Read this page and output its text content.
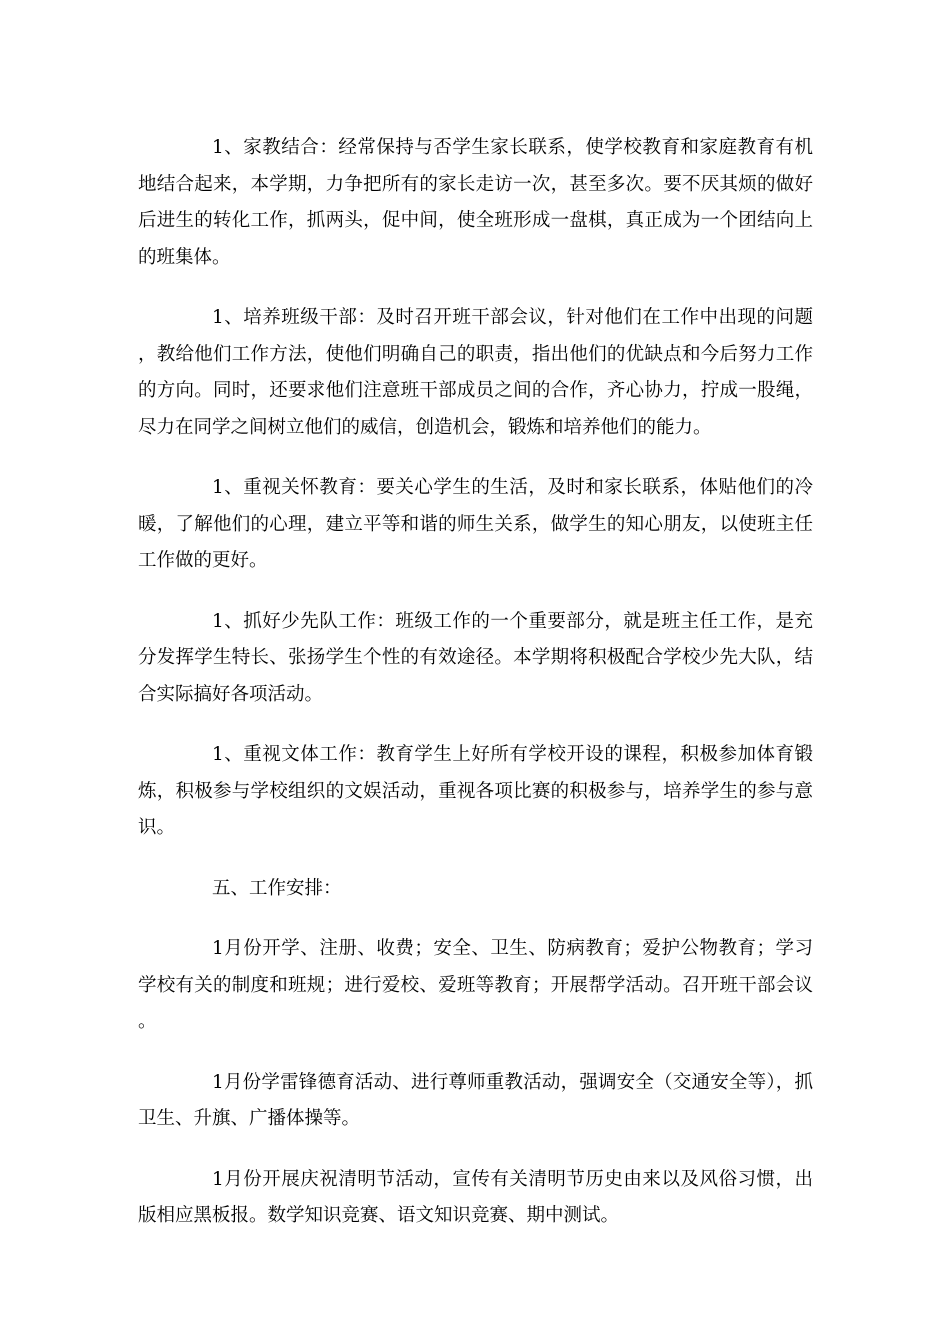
1、家教结合：经常保持与否学生家长联系，使学校教育和家庭教育有机地结合起来，本学期，力争把所有的家长走访一次，甚至多次。要不厌其烦的做好后进生的转化工作，抓两头，促中间，使全班形成一盘棋，真正成为一个团结向上的班集体。

1、培养班级干部：及时召开班干部会议，针对他们在工作中出现的问题，教给他们工作方法，使他们明确自己的职责，指出他们的优缺点和今后努力工作的方向。同时，还要求他们注意班干部成员之间的合作，齐心协力，拧成一股绳，尽力在同学之间树立他们的威信，创造机会，锻炼和培养他们的能力。

1、重视关怀教育：要关心学生的生活，及时和家长联系，体贴他们的冷暖，了解他们的心理，建立平等和谐的师生关系，做学生的知心朋友，以使班主任工作做的更好。

1、抓好少先队工作：班级工作的一个重要部分，就是班主任工作，是充分发挥学生特长、张扬学生个性的有效途径。本学期将积极配合学校少先大队，结合实际搞好各项活动。

1、重视文体工作：教育学生上好所有学校开设的课程，积极参加体育锻炼，积极参与学校组织的文娱活动，重视各项比赛的积极参与，培养学生的参与意识。

五、工作安排：

1月份开学、注册、收费；安全、卫生、防病教育；爱护公物教育；学习学校有关的制度和班规；进行爱校、爱班等教育；开展帮学活动。召开班干部会议。

1月份学雷锋德育活动、进行尊师重教活动，强调安全（交通安全等），抓卫生、升旗、广播体操等。

1月份开展庆祝清明节活动，宣传有关清明节历史由来以及风俗习惯，出版相应黑板报。数学知识竞赛、语文知识竞赛、期中测试。
